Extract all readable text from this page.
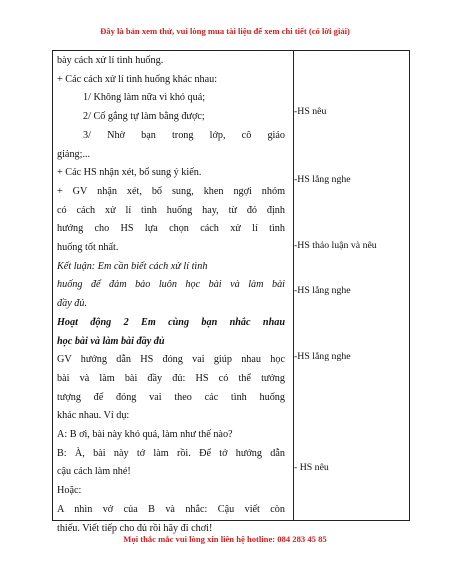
Đây là bản xem thử, vui lòng mua tài liệu để xem chi tiết (có lời giải)
bày cách xử lí tình huống.
+ Các cách xử lí tình huống khác nhau:
1/ Không làm nữa vì khó quá;
2/ Cố gắng tự làm bằng được;
3/ Nhờ bạn trong lớp, cô giáo
giảng;...
+ Các HS nhận xét, bổ sung ý kiến.
+ GV nhận xét, bổ sung, khen ngợi nhóm
có cách xử lí tình huống hay, từ đó định
hướng cho HS lựa chọn cách xử lí tình
huống tốt nhất.
Kết luận: Em cần biết cách xử lí tình
huống để đảm bảo luôn học bài và làm bài
đầy đủ.
Hoạt động 2 Em cùng bạn nhắc nhau
học bài và làm bài đầy đủ
GV hướng dẫn HS đóng vai giúp nhau học
bài và làm bài đầy đủ: HS có thể tưởng
tượng để đóng vai theo các tình huống
khác nhau. Ví dụ:
A: B ơi, bài này khó quá, làm như thế nào?
B: À, bài này tớ làm rồi. Để tớ hướng dẫn
cậu cách làm nhé!
Hoặc:
A nhìn vở của B và nhắc: Cậu viết còn
thiếu. Viết tiếp cho đủ rồi hãy đi chơi!
-HS nêu
-HS lắng nghe
-HS thảo luận và nêu
-HS lắng nghe
-HS lắng nghe
- HS nêu
Mọi thắc mắc vui lòng xin liên hệ hotline: 084 283 45 85
